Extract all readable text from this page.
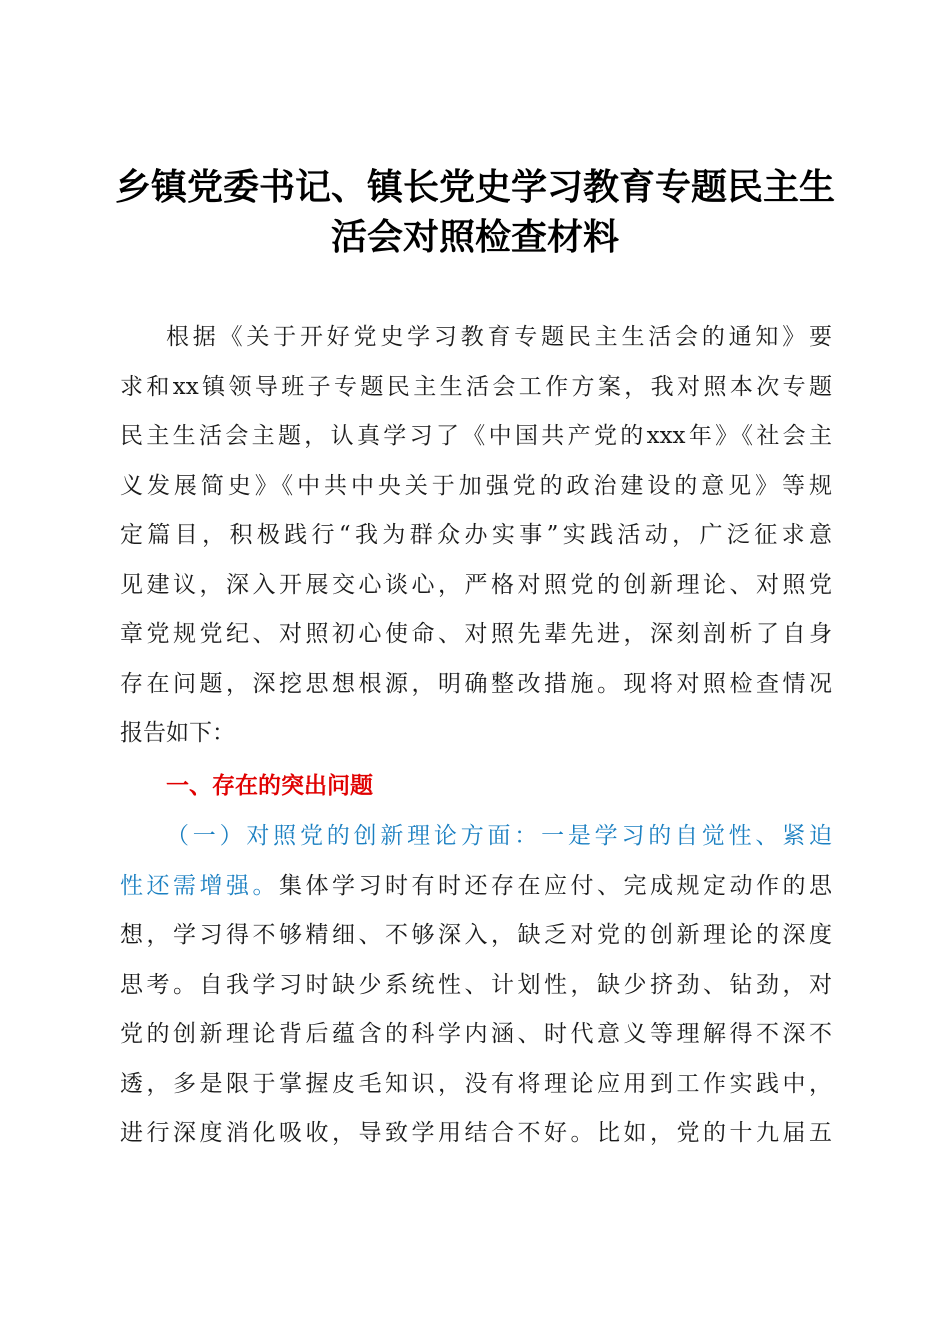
乡镇党委书记、镇长党史学习教育专题民主生
活会对照检查材料
根据《关于开好党史学习教育专题民主生活会的通知》要
求和xx镇领导班子专题民主生活会工作方案，我对照本次专题
民主生活会主题，认真学习了《中国共产党的xxx年》《社会主
义发展简史》《中共中央关于加强党的政治建设的意见》等规
定篇目，积极践行“我为群众办实事”实践活动，广泛征求意
见建议，深入开展交心谈心，严格对照党的创新理论、对照党
章党规党纪、对照初心使命、对照先辈先进，深刻剖析了自身
存在问题，深挖思想根源，明确整改措施。现将对照检查情况
报告如下：
一、存在的突出问题
（一）对照党的创新理论方面：一是学习的自觉性、紧迫
性还需增强。集体学习时有时还存在应付、完成规定动作的思
想，学习得不够精细、不够深入，缺乏对党的创新理论的深度
思考。自我学习时缺少系统性、计划性，缺少挤劲、钻劲，对
党的创新理论背后蕴含的科学内涵、时代意义等理解得不深不
透，多是限于掌握皮毛知识，没有将理论应用到工作实践中，
进行深度消化吸收，导致学用结合不好。比如，党的十九届五
